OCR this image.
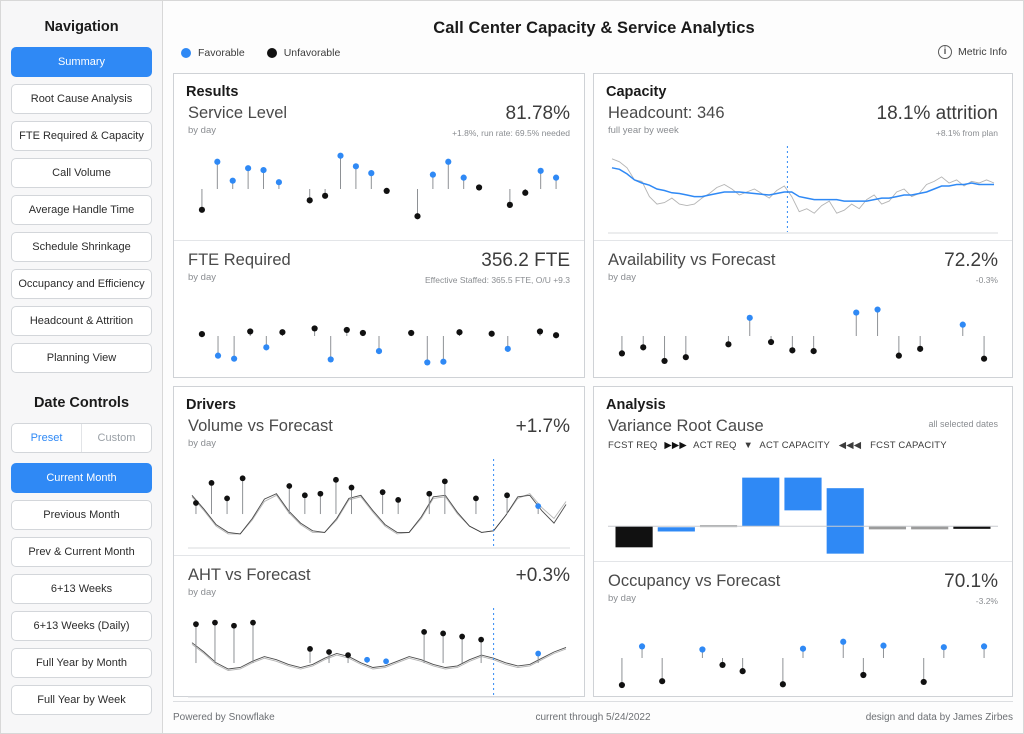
Navigation
Summary
Root Cause Analysis
FTE Required & Capacity
Call Volume
Average Handle Time
Schedule Shrinkage
Occupancy and Efficiency
Headcount & Attrition
Planning View
Date Controls
Preset	Custom
Current Month
Previous Month
Prev & Current Month
6+13 Weeks
6+13 Weeks (Daily)
Full Year by Month
Full Year by Week
Call Center Capacity & Service Analytics
Favorable	Unfavorable	i	Metric Info
Results
Service Level
by day
81.78%
+1.8%, run rate: 69.5% needed
FTE Required
by day
356.2 FTE
Effective Staffed: 365.5 FTE, O/U +9.3
Capacity
Headcount: 346
full year by week
18.1% attrition
+8.1% from plan
Availability vs Forecast
by day
72.2%
-0.3%
Drivers
Volume vs Forecast
by day
+1.7%
AHT vs Forecast
by day
+0.3%
Analysis
Variance Root Cause
FCST REQ ▶▶▶ ACT REQ ▼ ACT CAPACITY ◀◀◀ FCST CAPACITY
all selected dates
Occupancy vs Forecast
by day
70.1%
-3.2%
Powered by Snowflake	current through 5/24/2022	design and data by James Zirbes
